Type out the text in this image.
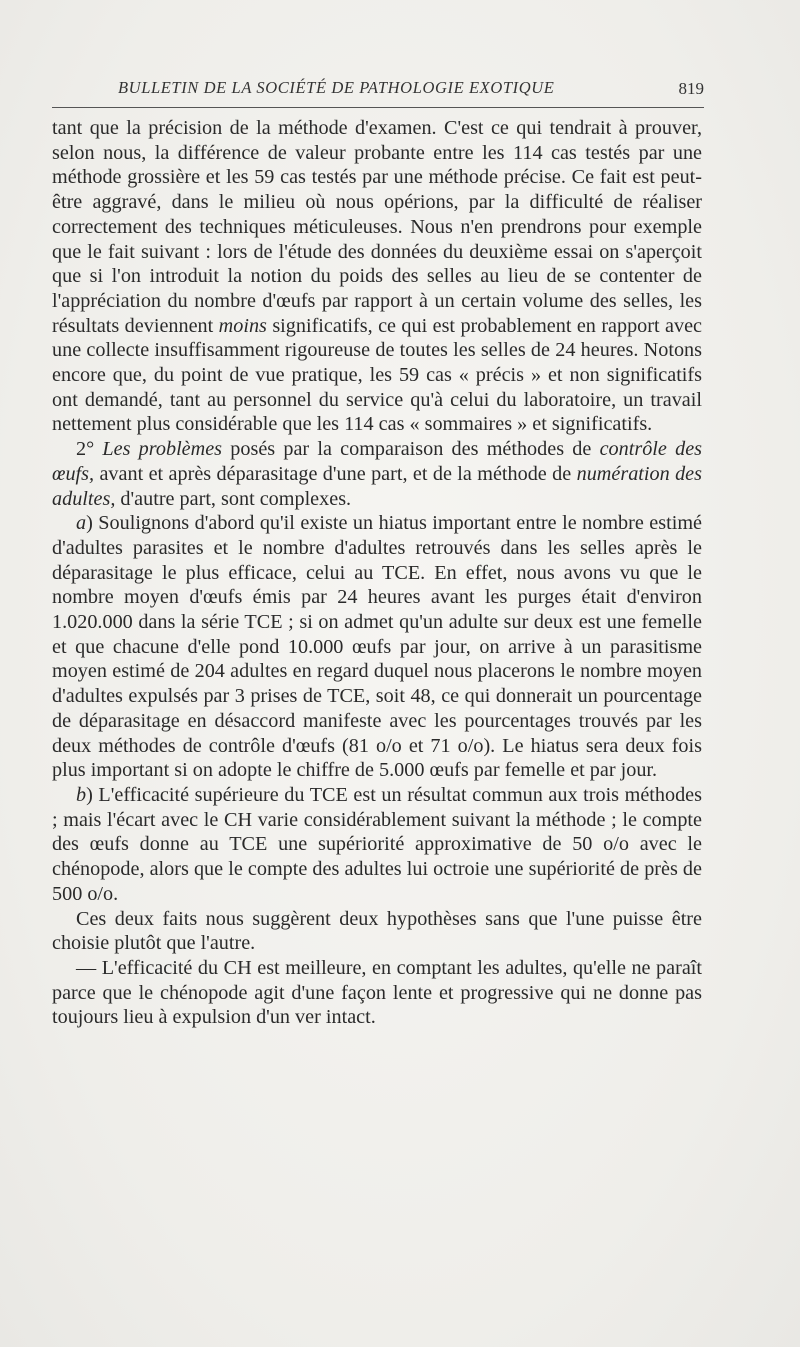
BULLETIN DE LA SOCIÉTÉ DE PATHOLOGIE EXOTIQUE	819

tant que la précision de la méthode d'examen. C'est ce qui tendrait à prouver, selon nous, la différence de valeur probante entre les 114 cas testés par une méthode grossière et les 59 cas testés par une méthode précise. Ce fait est peut-être aggravé, dans le milieu où nous opérions, par la difficulté de réaliser correctement des techniques méticuleuses. Nous n'en prendrons pour exemple que le fait suivant : lors de l'étude des données du deuxième essai on s'aperçoit que si l'on introduit la notion du poids des selles au lieu de se contenter de l'appréciation du nombre d'œufs par rapport à un certain volume des selles, les résultats deviennent moins significatifs, ce qui est probablement en rapport avec une collecte insuffisamment rigoureuse de toutes les selles de 24 heures. Notons encore que, du point de vue pratique, les 59 cas « précis » et non significatifs ont demandé, tant au personnel du service qu'à celui du laboratoire, un travail nettement plus considérable que les 114 cas « sommaires » et significatifs.

2° Les problèmes posés par la comparaison des méthodes de contrôle des œufs, avant et après déparasitage d'une part, et de la méthode de numération des adultes, d'autre part, sont complexes.

a) Soulignons d'abord qu'il existe un hiatus important entre le nombre estimé d'adultes parasites et le nombre d'adultes retrouvés dans les selles après le déparasitage le plus efficace, celui au TCE. En effet, nous avons vu que le nombre moyen d'œufs émis par 24 heures avant les purges était d'environ 1.020.000 dans la série TCE ; si on admet qu'un adulte sur deux est une femelle et que chacune d'elle pond 10.000 œufs par jour, on arrive à un parasitisme moyen estimé de 204 adultes en regard duquel nous placerons le nombre moyen d'adultes expulsés par 3 prises de TCE, soit 48, ce qui donnerait un pourcentage de déparasitage en désaccord manifeste avec les pourcentages trouvés par les deux méthodes de contrôle d'œufs (81 o/o et 71 o/o). Le hiatus sera deux fois plus important si on adopte le chiffre de 5.000 œufs par femelle et par jour.

b) L'efficacité supérieure du TCE est un résultat commun aux trois méthodes ; mais l'écart avec le CH varie considérablement suivant la méthode ; le compte des œufs donne au TCE une supériorité approximative de 50 o/o avec le chénopode, alors que le compte des adultes lui octroie une supériorité de près de 500 o/o.

Ces deux faits nous suggèrent deux hypothèses sans que l'une puisse être choisie plutôt que l'autre.

— L'efficacité du CH est meilleure, en comptant les adultes, qu'elle ne paraît parce que le chénopode agit d'une façon lente et progressive qui ne donne pas toujours lieu à expulsion d'un ver intact.
